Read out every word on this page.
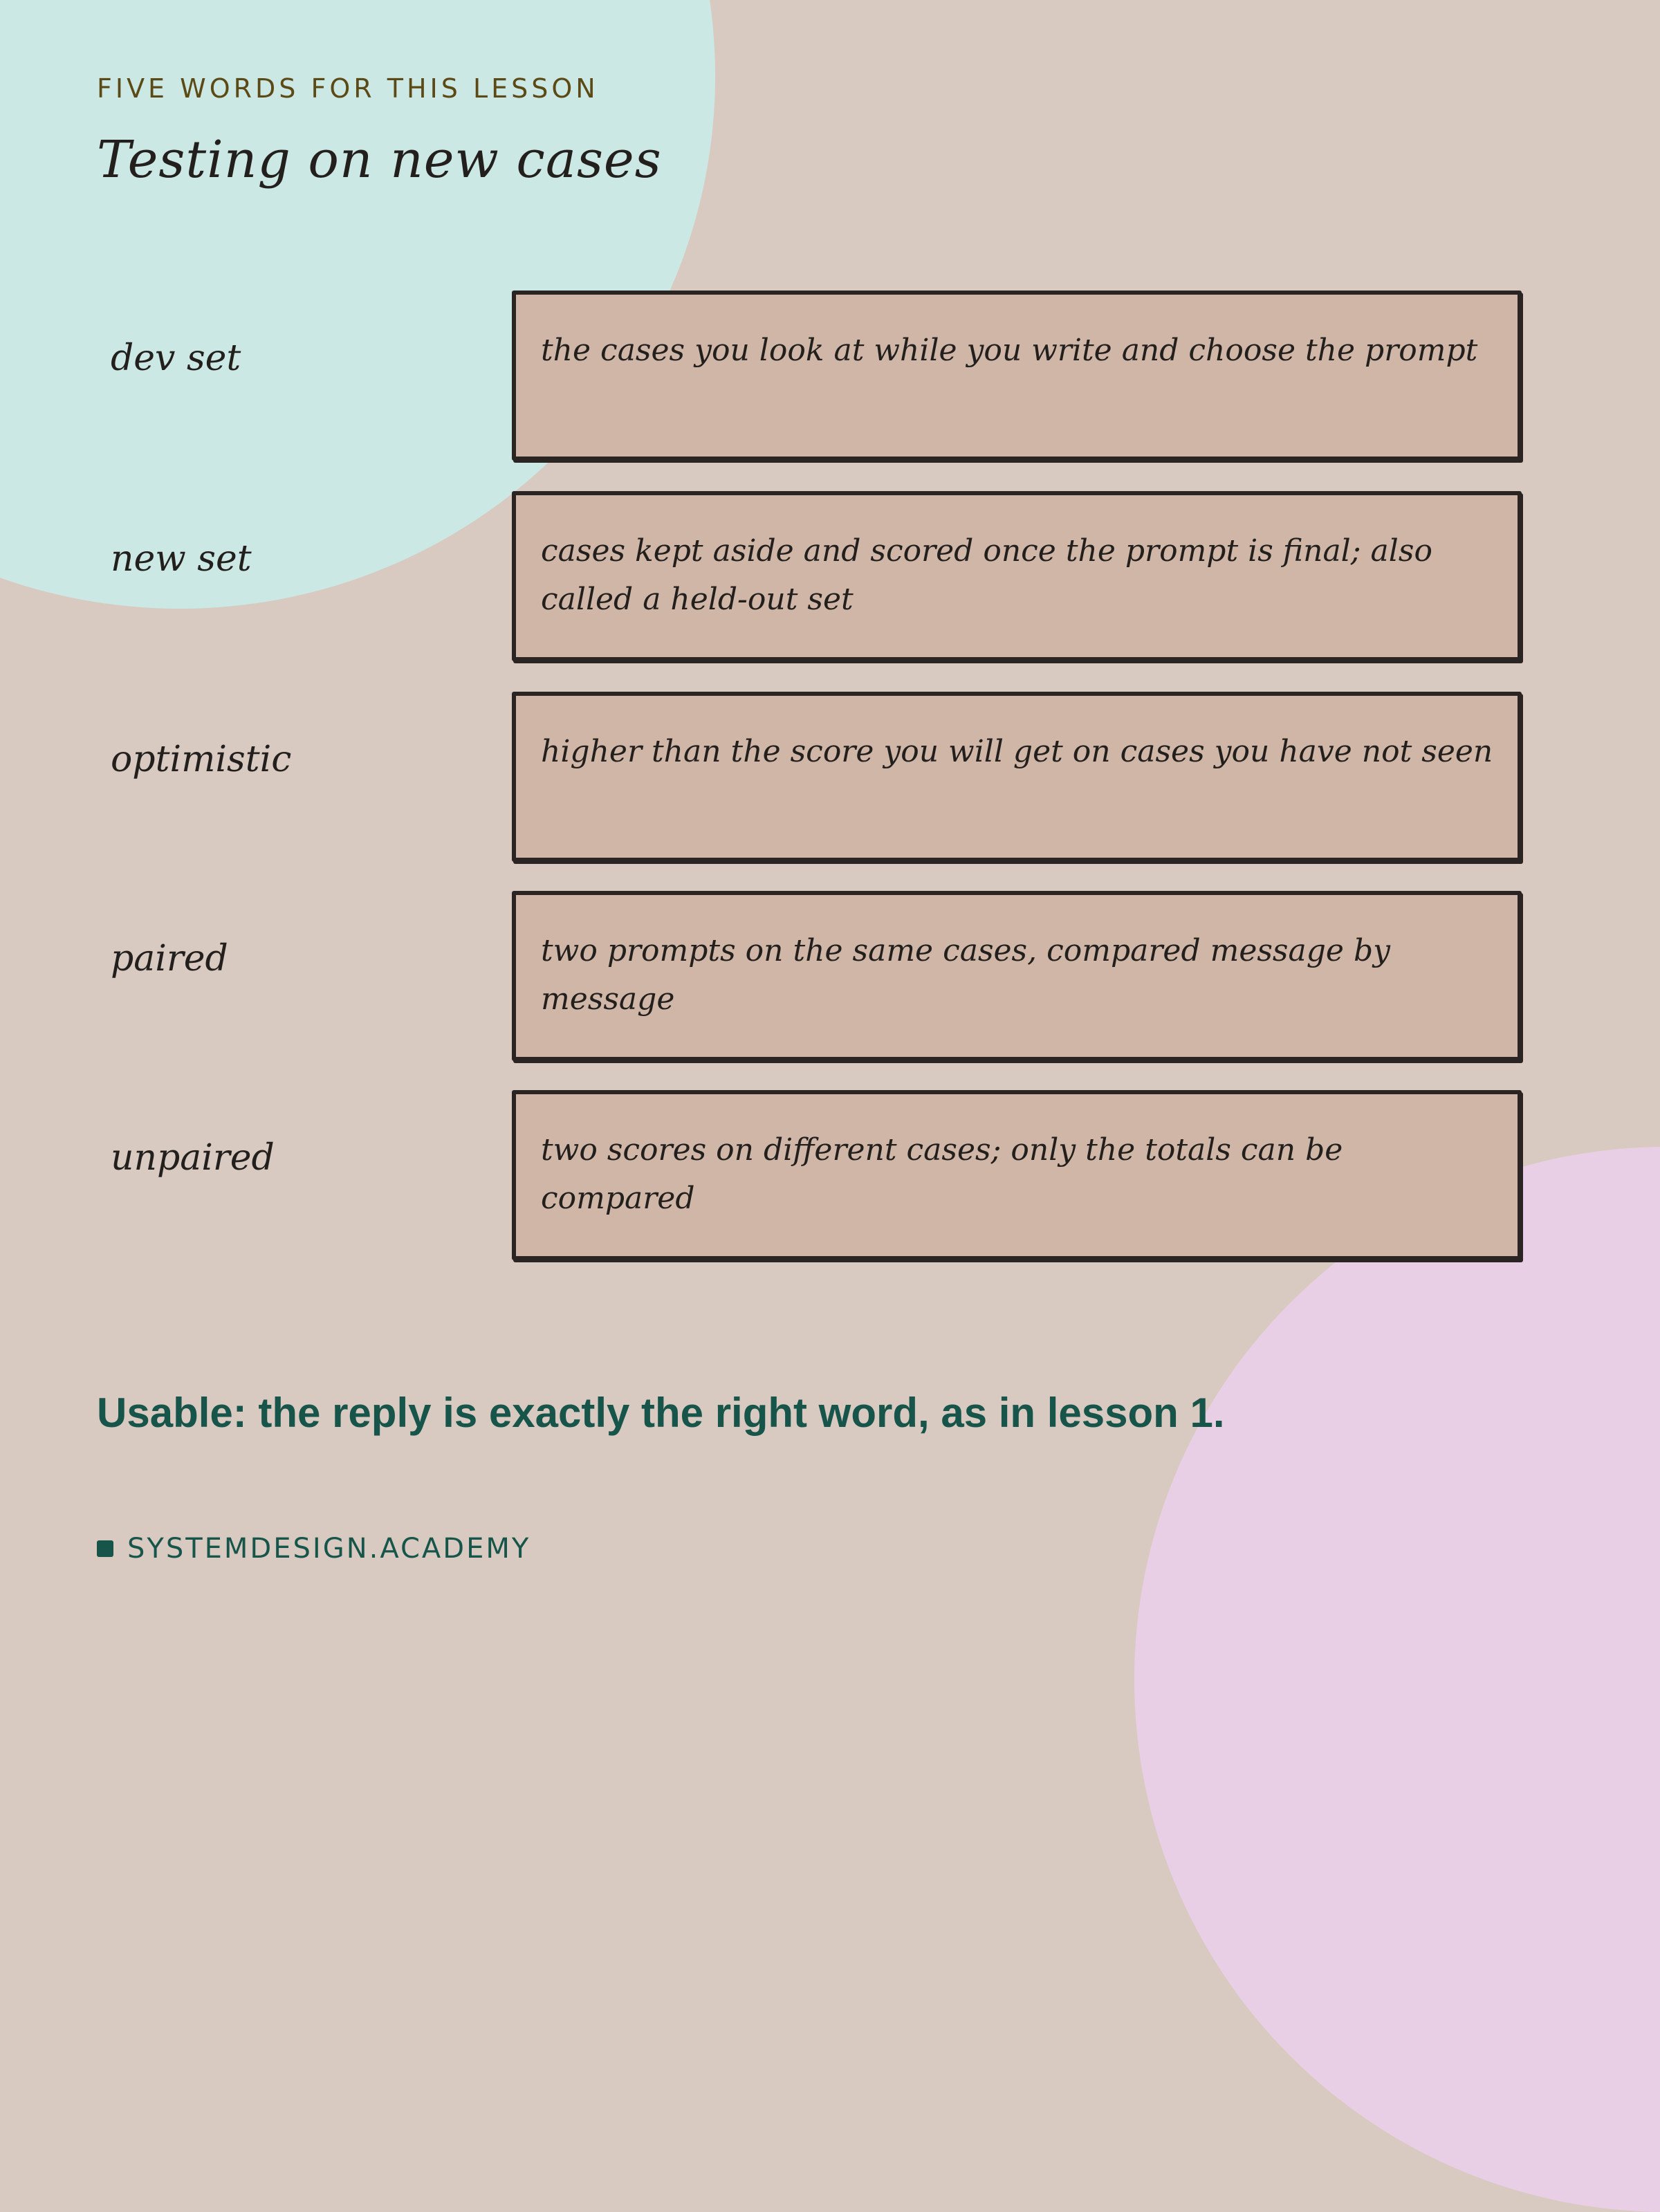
FIVE WORDS FOR THIS LESSON
Testing on new cases
dev set	the cases you look at while you write and choose the prompt
new set	cases kept aside and scored once the prompt is final; also called a held-out set
optimistic	higher than the score you will get on cases you have not seen
paired	two prompts on the same cases, compared message by message
unpaired	two scores on different cases; only the totals can be compared
Usable: the reply is exactly the right word, as in lesson 1.
SYSTEMDESIGN.ACADEMY
